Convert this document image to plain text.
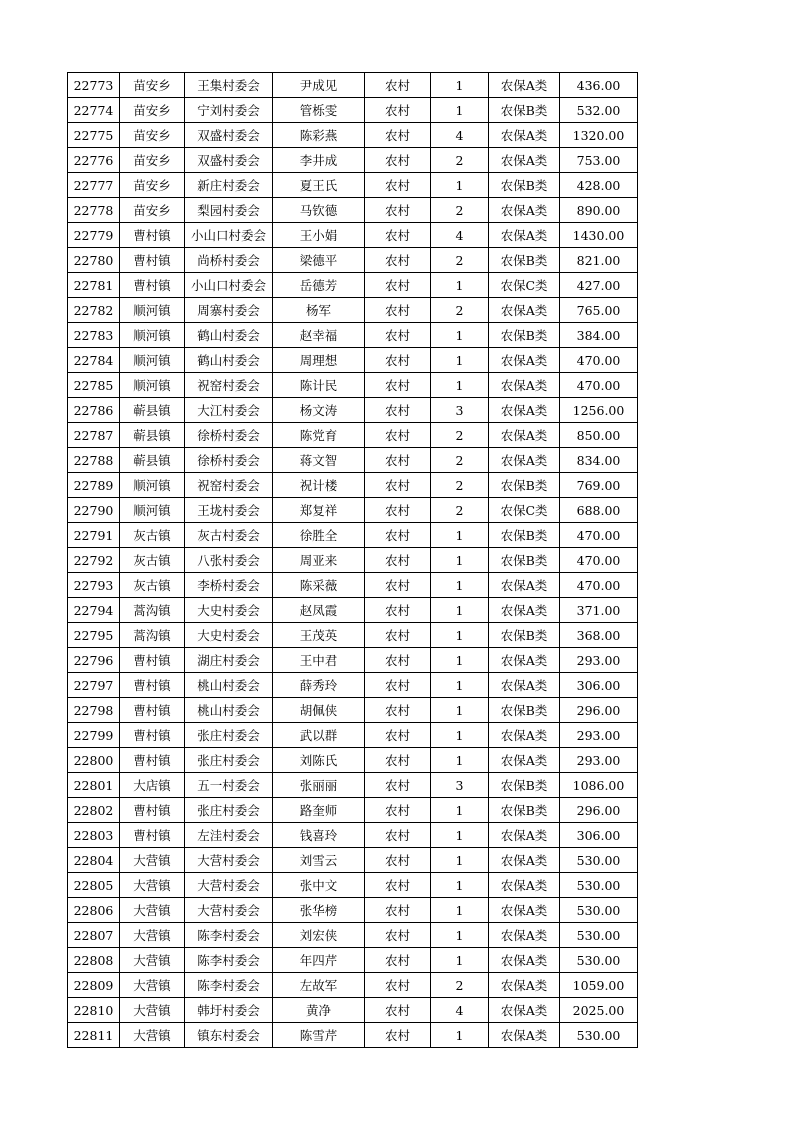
22773	苗安乡	王集村委会	尹成见	农村	1	农保A类	436.00
22774	苗安乡	宁刘村委会	管栎雯	农村	1	农保B类	532.00
22775	苗安乡	双盛村委会	陈彩燕	农村	4	农保A类	1320.00
22776	苗安乡	双盛村委会	李井成	农村	2	农保A类	753.00
22777	苗安乡	新庄村委会	夏王氏	农村	1	农保B类	428.00
22778	苗安乡	梨园村委会	马钦德	农村	2	农保A类	890.00
22779	曹村镇	小山口村委会	王小娟	农村	4	农保A类	1430.00
22780	曹村镇	尚桥村委会	梁德平	农村	2	农保B类	821.00
22781	曹村镇	小山口村委会	岳德芳	农村	1	农保C类	427.00
22782	顺河镇	周寨村委会	杨军	农村	2	农保A类	765.00
22783	顺河镇	鹤山村委会	赵幸福	农村	1	农保B类	384.00
22784	顺河镇	鹤山村委会	周理想	农村	1	农保A类	470.00
22785	顺河镇	祝窑村委会	陈计民	农村	1	农保A类	470.00
22786	蕲县镇	大江村委会	杨文涛	农村	3	农保A类	1256.00
22787	蕲县镇	徐桥村委会	陈党育	农村	2	农保A类	850.00
22788	蕲县镇	徐桥村委会	蒋文智	农村	2	农保A类	834.00
22789	顺河镇	祝窑村委会	祝计楼	农村	2	农保B类	769.00
22790	顺河镇	王垅村委会	郑复祥	农村	2	农保C类	688.00
22791	灰古镇	灰古村委会	徐胜全	农村	1	农保B类	470.00
22792	灰古镇	八张村委会	周亚来	农村	1	农保B类	470.00
22793	灰古镇	李桥村委会	陈采薇	农村	1	农保A类	470.00
22794	蒿沟镇	大史村委会	赵凤霞	农村	1	农保A类	371.00
22795	蒿沟镇	大史村委会	王茂英	农村	1	农保B类	368.00
22796	曹村镇	湖庄村委会	王中君	农村	1	农保A类	293.00
22797	曹村镇	桃山村委会	薛秀玲	农村	1	农保A类	306.00
22798	曹村镇	桃山村委会	胡佩侠	农村	1	农保B类	296.00
22799	曹村镇	张庄村委会	武以群	农村	1	农保A类	293.00
22800	曹村镇	张庄村委会	刘陈氏	农村	1	农保A类	293.00
22801	大店镇	五一村委会	张丽丽	农村	3	农保B类	1086.00
22802	曹村镇	张庄村委会	路奎师	农村	1	农保B类	296.00
22803	曹村镇	左洼村委会	钱喜玲	农村	1	农保A类	306.00
22804	大营镇	大营村委会	刘雪云	农村	1	农保A类	530.00
22805	大营镇	大营村委会	张中文	农村	1	农保A类	530.00
22806	大营镇	大营村委会	张华榜	农村	1	农保A类	530.00
22807	大营镇	陈李村委会	刘宏侠	农村	1	农保A类	530.00
22808	大营镇	陈李村委会	年四芹	农村	1	农保A类	530.00
22809	大营镇	陈李村委会	左故军	农村	2	农保A类	1059.00
22810	大营镇	韩圩村委会	黄净	农村	4	农保A类	2025.00
22811	大营镇	镇东村委会	陈雪芹	农村	1	农保A类	530.00
